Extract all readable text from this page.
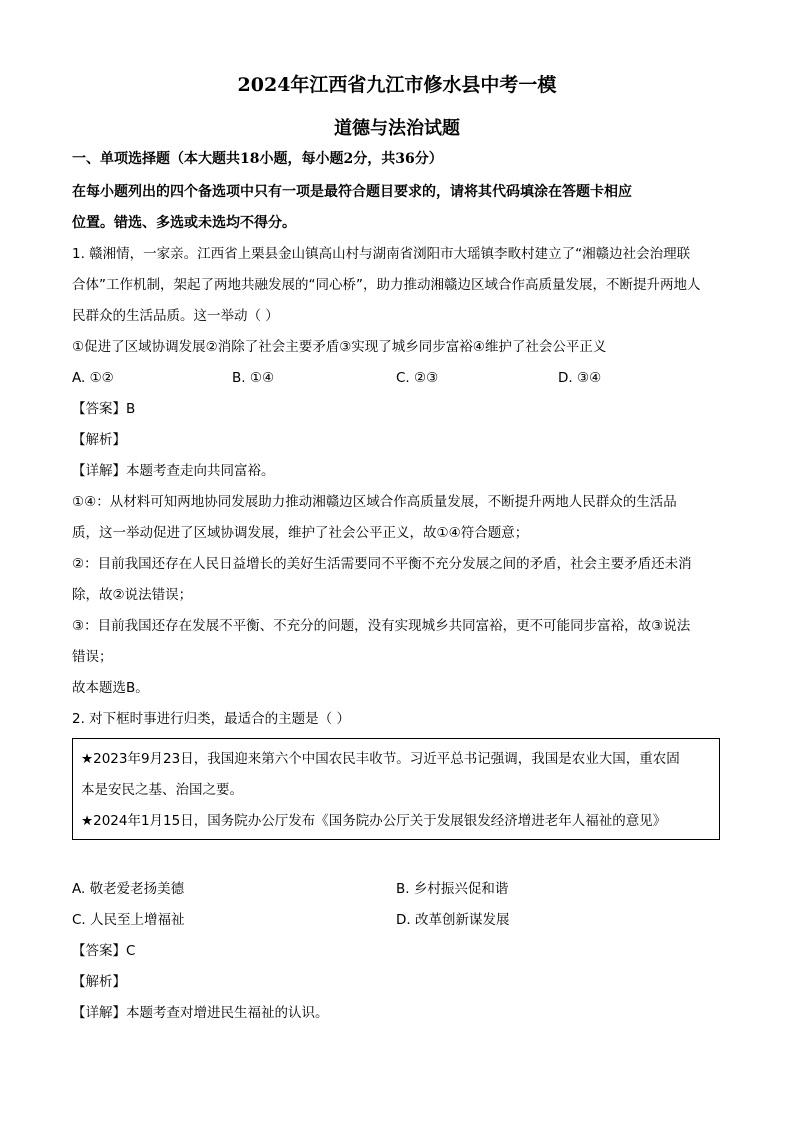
2024年江西省九江市修水县中考一模
道德与法治试题
一、单项选择题（本大题共18小题，每小题2分，共36分）
在每小题列出的四个备选项中只有一项是最符合题目要求的，请将其代码填涂在答题卡相应
位置。错选、多选或未选均不得分。
1. 赣湘情，一家亲。江西省上栗县金山镇高山村与湖南省浏阳市大瑶镇李畋村建立了“湘赣边社会治理联
合体”工作机制，架起了两地共融发展的“同心桥”，助力推动湘赣边区域合作高质量发展，不断提升两地人
民群众的生活品质。这一举动（ ）
①促进了区域协调发展②消除了社会主要矛盾③实现了城乡同步富裕④维护了社会公平正义
A. ①②	B. ①④	C. ②③	D. ③④
【答案】B
【解析】
【详解】本题考查走向共同富裕。
①④：从材料可知两地协同发展助力推动湘赣边区域合作高质量发展，不断提升两地人民群众的生活品
质，这一举动促进了区域协调发展，维护了社会公平正义，故①④符合题意；
②：目前我国还存在人民日益增长的美好生活需要同不平衡不充分发展之间的矛盾，社会主要矛盾还未消
除，故②说法错误；
③：目前我国还存在发展不平衡、不充分的问题，没有实现城乡共同富裕，更不可能同步富裕，故③说法
错误；
故本题选B。
2. 对下框时事进行归类，最适合的主题是（ ）
★2023年9月23日，我国迎来第六个中国农民丰收节。习近平总书记强调，我国是农业大国，重农固
本是安民之基、治国之要。
★2024年1月15日，国务院办公厅发布《国务院办公厅关于发展银发经济增进老年人福祉的意见》
A. 敬老爱老扬美德	B. 乡村振兴促和谐
C. 人民至上增福祉	D. 改革创新谋发展
【答案】C
【解析】
【详解】本题考查对增进民生福祉的认识。
